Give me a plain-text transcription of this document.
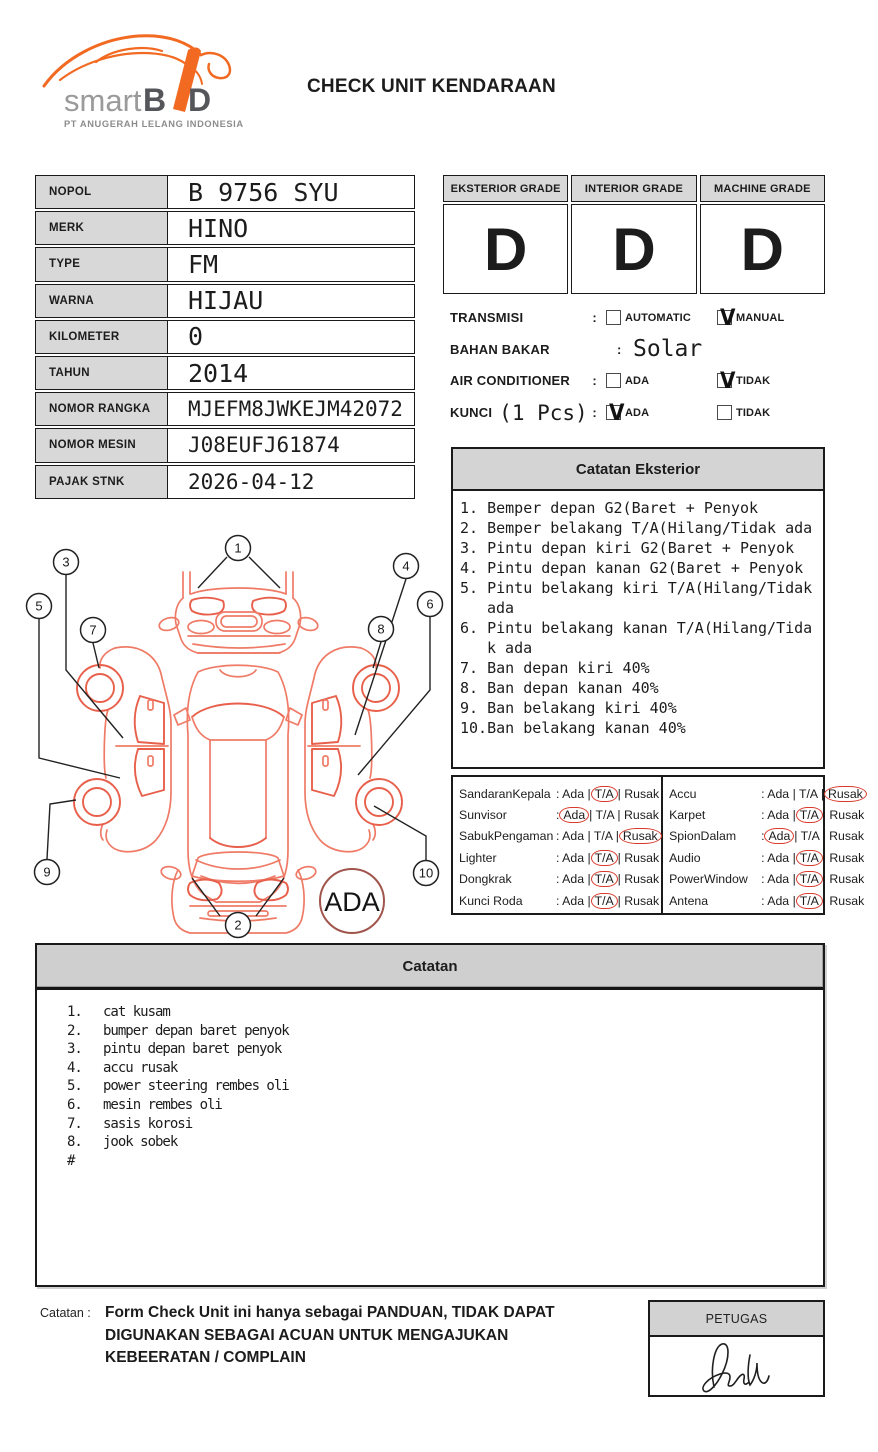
smart B D
PT ANUGERAH LELANG INDONESIA
CHECK UNIT KENDARAAN
NOPOL	B 9756 SYU
MERK	HINO
TYPE	FM
WARNA	HIJAU
KILOMETER	0
TAHUN	2014
NOMOR RANGKA	MJEFM8JWKEJM42072
NOMOR MESIN	J08EUFJ61874
PAJAK STNK	2026-04-12
EKSTERIOR GRADE
D
INTERIOR GRADE
D
MACHINE GRADE
D
TRANSMISI	:	AUTOMATIC V MANUAL
BAHAN BAKAR	: Solar
AIR CONDITIONER :	ADA	V TIDAK
KUNCI (1 Pcs) : V ADA	TIDAK
Catatan Eksterior
1. Bemper depan G2(Baret + Penyok
2. Bemper belakang T/A(Hilang/Tidak ada
3. Pintu depan kiri G2(Baret + Penyok
4. Pintu depan kanan G2(Baret + Penyok
5. Pintu belakang kiri T/A(Hilang/Tidak ada
6. Pintu belakang kanan T/A(Hilang/Tidak ada
7. Ban depan kiri 40%
8. Ban depan kanan 40%
9. Ban belakang kiri 40%
10.Ban belakang kanan 40%
SandaranKepala : Ada | T/A | Rusak
Sunvisor	: Ada | T/A | Rusak
SabukPengaman : Ada | T/A | Rusak
Lighter	: Ada | T/A | Rusak
Dongkrak	: Ada | T/A | Rusak
Kunci Roda	: Ada | T/A | Rusak
Accu	: Ada | T/A | Rusak
Karpet	: Ada | T/A | Rusak
SpionDalam	: Ada | T/A | Rusak
Audio	: Ada | T/A | Rusak
PowerWindow	: Ada | T/A | Rusak
Antena	: Ada | T/A | Rusak
ADA
1
2
3	4
5	6
7	8
9	10
Catatan
1.	cat kusam
2.	bumper depan baret penyok
3.	pintu depan baret penyok
4.	accu rusak
5.	power steering rembes oli
6.	mesin rembes oli
7.	sasis korosi
8.	jook sobek
#
Catatan : Form Check Unit ini hanya sebagai PANDUAN, TIDAK DAPAT
DIGUNAKAN SEBAGAI ACUAN UNTUK MENGAJUKAN
KEBEERATAN / COMPLAIN
PETUGAS
